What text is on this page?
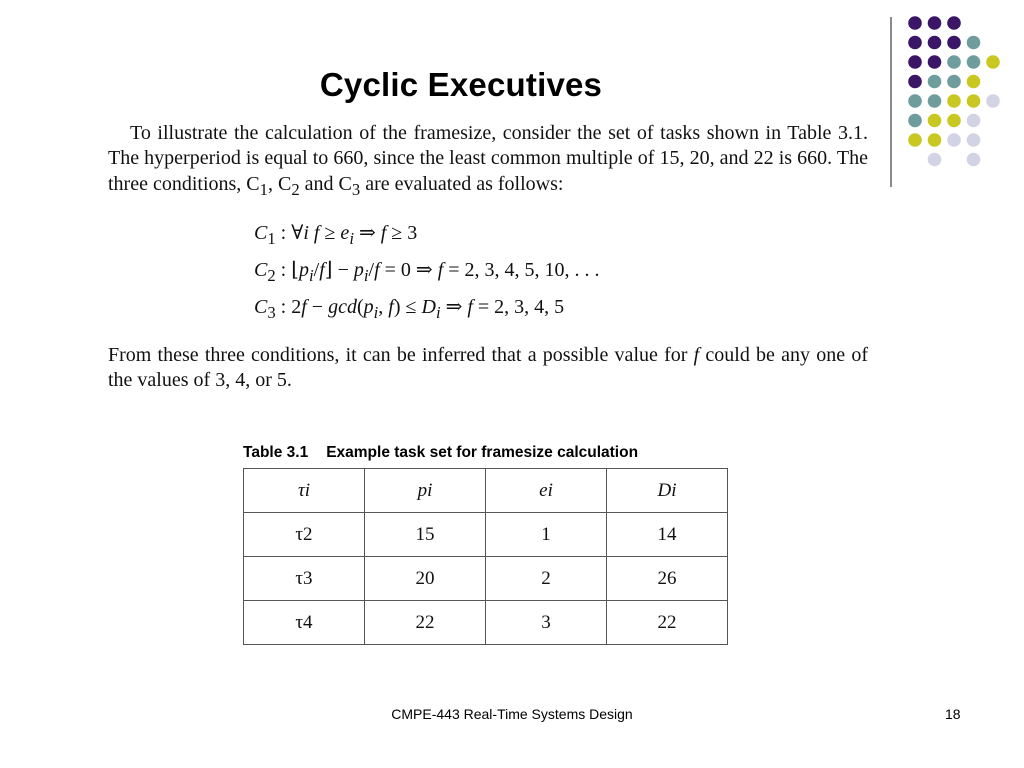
Cyclic Executives
To illustrate the calculation of the framesize, consider the set of tasks shown in Table 3.1. The hyperperiod is equal to 660, since the least common multiple of 15, 20, and 22 is 660. The three conditions, $C_1$, $C_2$ and $C_3$ are evaluated as follows:
$C_1$ : ∀i $f \ge e_i$ ⇒ f ≥ 3
$C_2$ : $⌊p_i/f⌋ - p_i/f = 0$ ⇒ f = 2, 3, 4, 5, 10, . . .
$C_3$ : $2f - \gcd(p_i$, $f) \le D_i$ ⇒ f = 2, 3, 4, 5
From these three conditions, it can be inferred that a possible value for f could be any one of the values of 3, 4, or 5.
Table 3.1 Example task set for framesize calculation
τi	pi	ei	Di
τ2	15	1	14
τ3	20	2	26
τ4	22	3	22
CMPE-443 Real-Time Systems Design	18
